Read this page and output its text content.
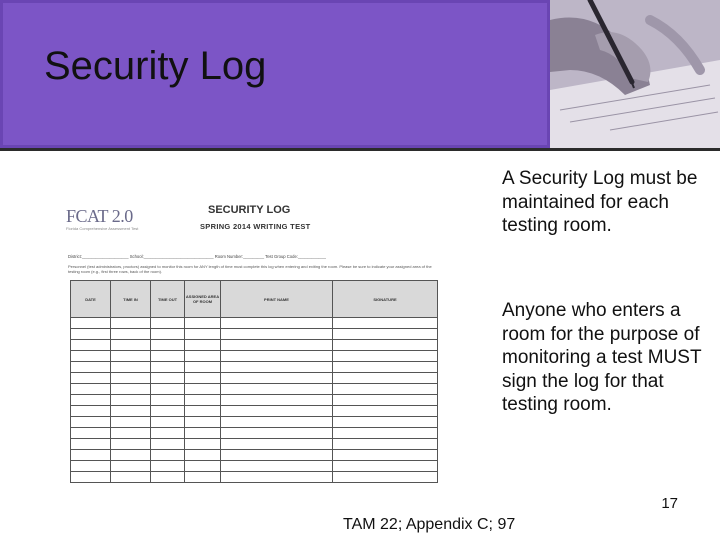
Security Log
FCAT 2.0
Florida Comprehensive Assessment Test
SECURITY LOG
SPRING 2014 WRITING TEST
District:____________________ School:______________________________ Room Number:_________ Test Group Code:____________
Personnel (test administrators, proctors) assigned to monitor this room for ANY length of time must complete this log when entering and exiting the room. Please be sure to indicate your assigned area of the testing room (e.g., first three rows, back of the room).
DATE	TIME IN	TIME OUT	ASSIGNED AREA OF ROOM	PRINT NAME	SIGNATURE

A Security Log must be maintained for each testing room.
Anyone who enters a room for the purpose of monitoring a test MUST sign the log for that testing room.
17
TAM 22; Appendix C; 97
